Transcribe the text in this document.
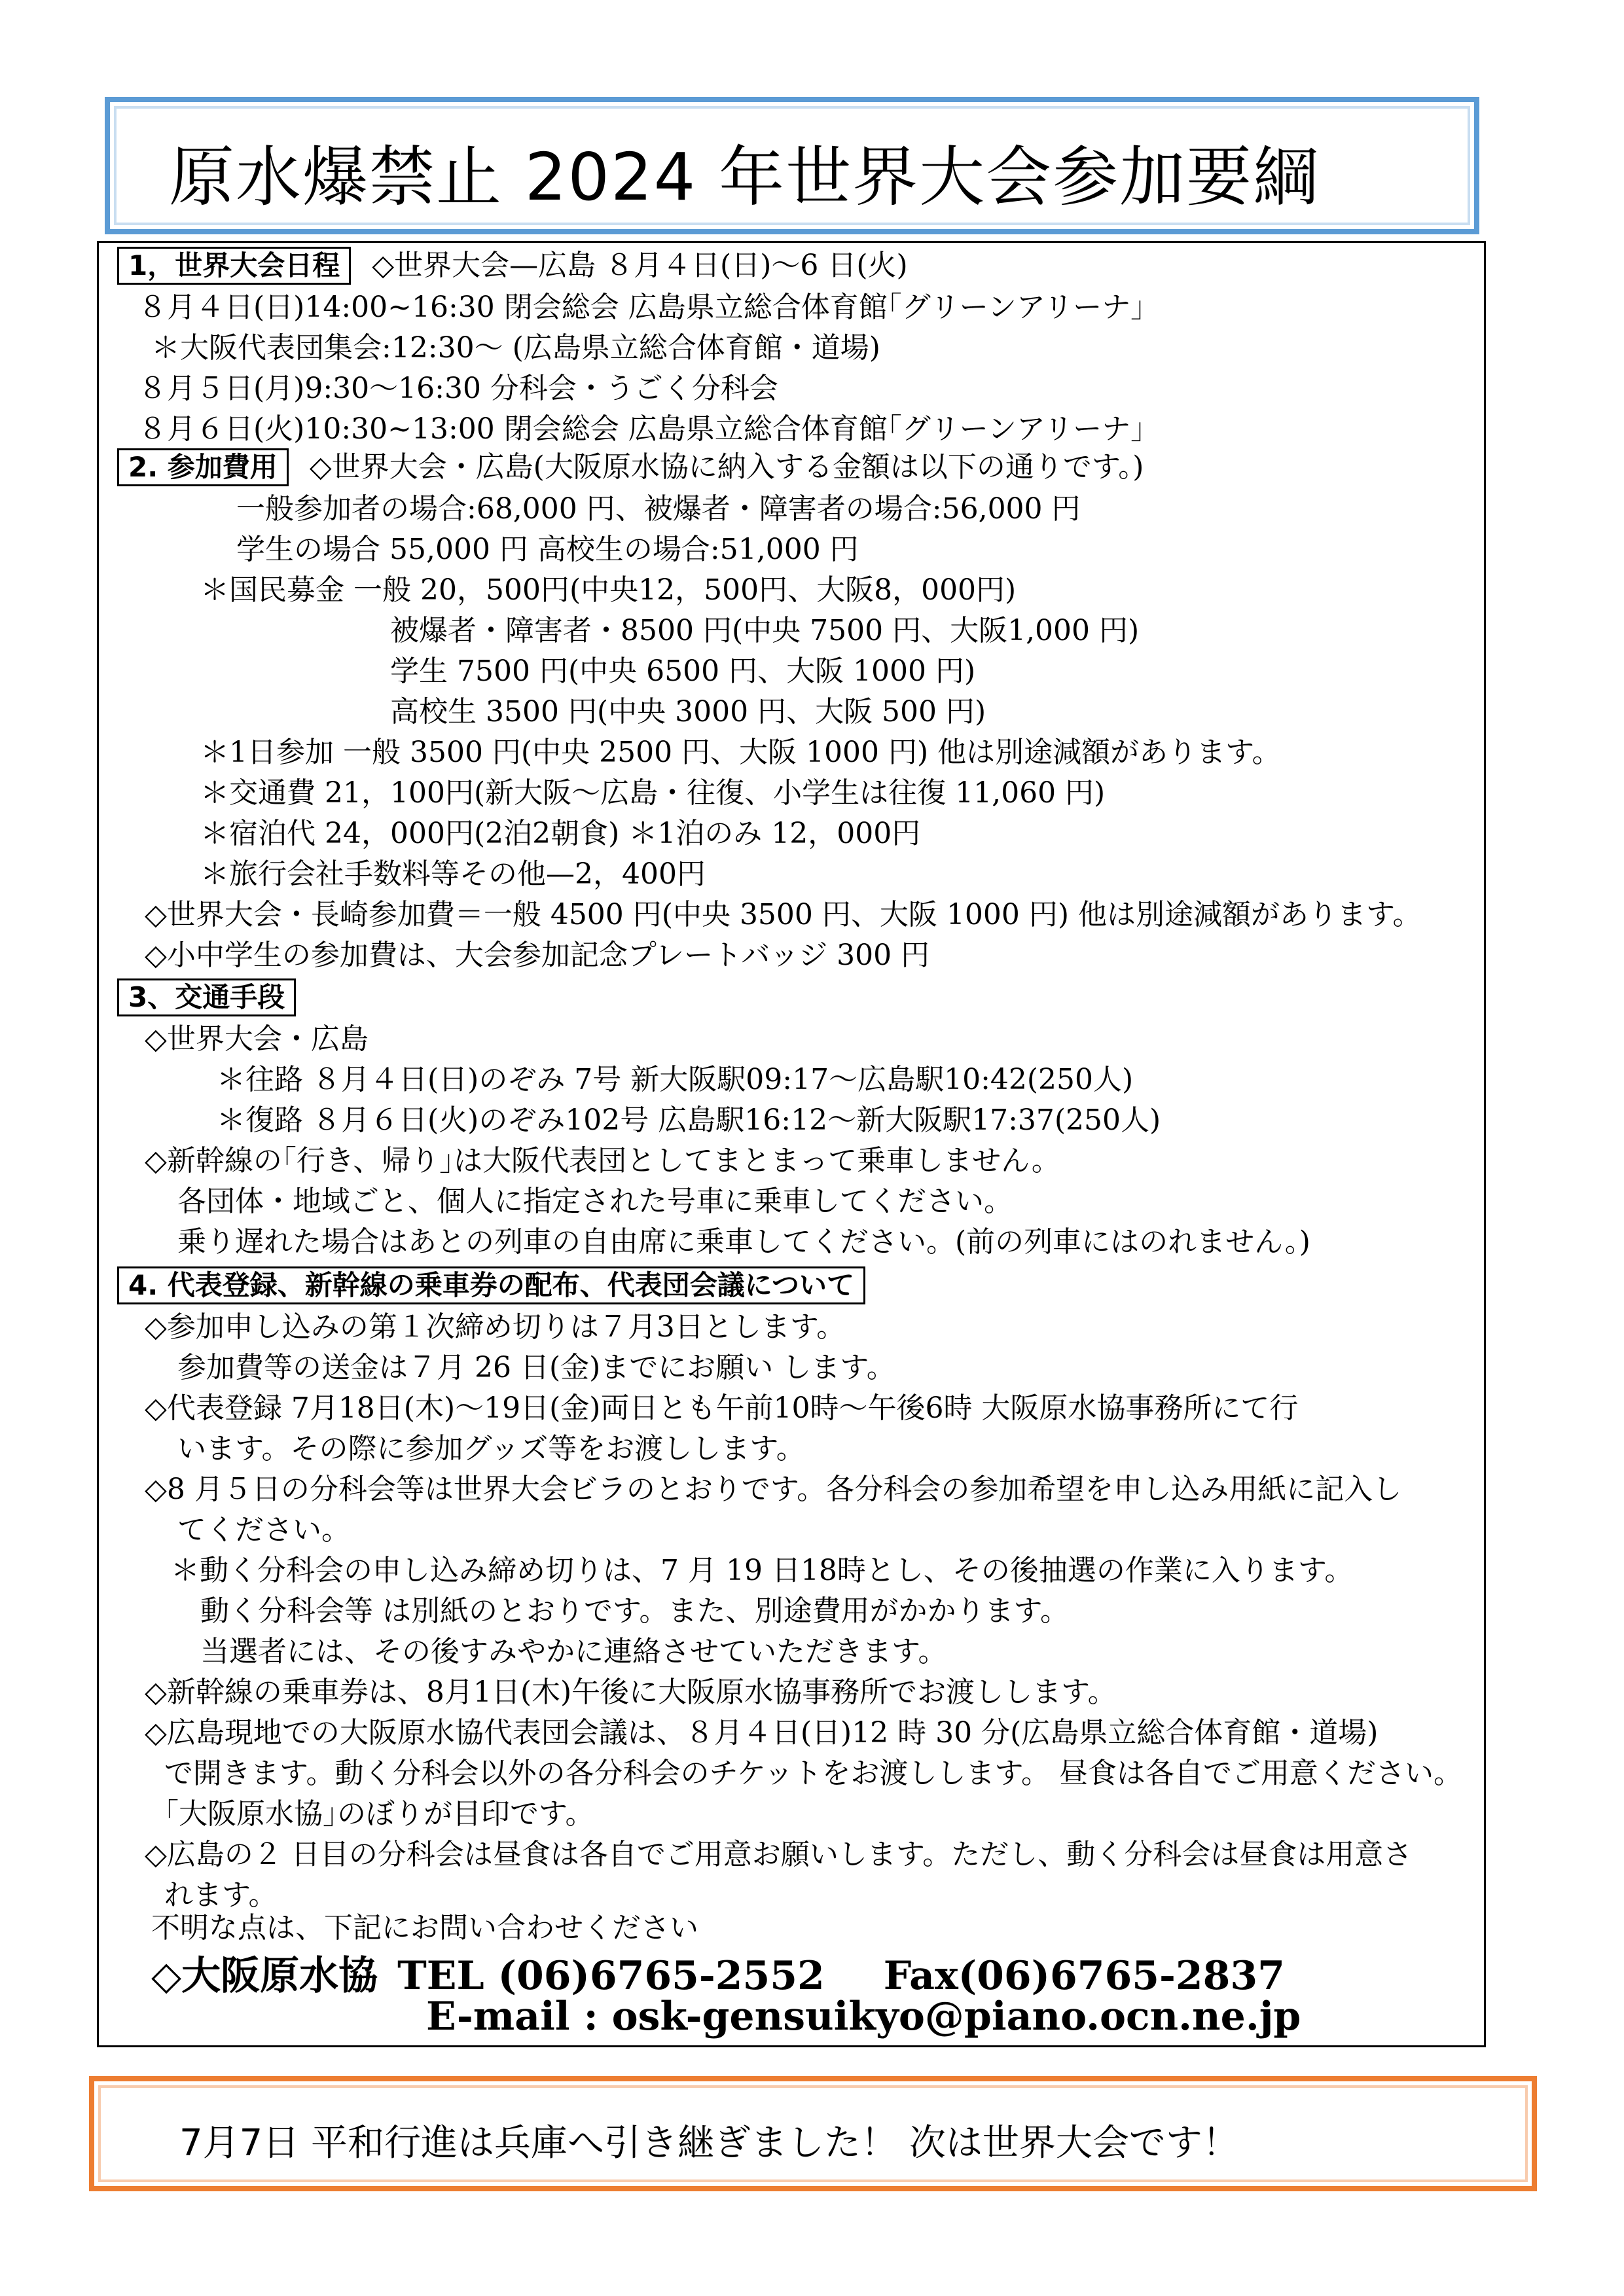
原水爆禁止 2024 年世界大会参加要綱
1，世界大会日程 ◇世界大会—広島 ８月４日(日)～6 日(火)
８月４日(日)14:00~16:30 閉会総会 広島県立総合体育館｢グリーンアリーナ｣
＊大阪代表団集会:12:30～ (広島県立総合体育館・道場)
８月５日(月)9:30～16:30 分科会・うごく分科会
８月６日(火)10:30~13:00 閉会総会 広島県立総合体育館｢グリーンアリーナ｣
2. 参加費用 ◇世界大会・広島(大阪原水協に納入する金額は以下の通りです。)
一般参加者の場合:68,000 円、被爆者・障害者の場合:56,000 円
学生の場合 55,000 円 高校生の場合:51,000 円
＊国民募金 一般 20，500円(中央12，500円、大阪8，000円)
被爆者・障害者・8500 円(中央 7500 円、大阪1,000 円)
学生 7500 円(中央 6500 円、大阪 1000 円)
高校生 3500 円(中央 3000 円、大阪 500 円)
＊1日参加 一般 3500 円(中央 2500 円、大阪 1000 円) 他は別途減額があります。
＊交通費 21，100円(新大阪～広島・往復、小学生は往復 11,060 円)
＊宿泊代 24，000円(2泊2朝食) ＊1泊のみ 12，000円
＊旅行会社手数料等その他—2，400円
◇世界大会・長崎参加費＝一般 4500 円(中央 3500 円、大阪 1000 円) 他は別途減額があります。
◇小中学生の参加費は、大会参加記念プレートバッジ 300 円
3、交通手段
◇世界大会・広島
＊往路 ８月４日(日)のぞみ 7号 新大阪駅09:17～広島駅10:42(250人)
＊復路 ８月６日(火)のぞみ102号 広島駅16:12～新大阪駅17:37(250人)
◇新幹線の｢行き、帰り｣は大阪代表団としてまとまって乗車しません。
各団体・地域ごと、個人に指定された号車に乗車してください。
乗り遅れた場合はあとの列車の自由席に乗車してください。(前の列車にはのれません。)
4. 代表登録、新幹線の乗車券の配布、代表団会議について
◇参加申し込みの第１次締め切りは７月3日とします。
参加費等の送金は７月 26 日(金)までにお願い します。
◇代表登録 7月18日(木)～19日(金)両日とも午前10時～午後6時 大阪原水協事務所にて行
います。その際に参加グッズ等をお渡しします。
◇8 月５日の分科会等は世界大会ビラのとおりです。各分科会の参加希望を申し込み用紙に記入し
てください。
＊動く分科会の申し込み締め切りは、7 月 19 日18時とし、その後抽選の作業に入ります。
動く分科会等 は別紙のとおりです。また、別途費用がかかります。
当選者には、その後すみやかに連絡させていただきます。
◇新幹線の乗車券は、8月1日(木)午後に大阪原水協事務所でお渡しします。
◇広島現地での大阪原水協代表団会議は、８月４日(日)12 時 30 分(広島県立総合体育館・道場)
で開きます。動く分科会以外の各分科会のチケットをお渡しします。 昼食は各自でご用意ください。
｢大阪原水協｣のぼりが目印です。
◇広島の２ 日目の分科会は昼食は各自でご用意お願いします。ただし、動く分科会は昼食は用意さ
れます。
不明な点は、下記にお問い合わせください
◇大阪原水協 TEL (06)6765-2552 Fax(06)6765-2837
E-mail : osk-gensuikyo@piano.ocn.ne.jp
7月7日 平和行進は兵庫へ引き継ぎました！ 次は世界大会です！
